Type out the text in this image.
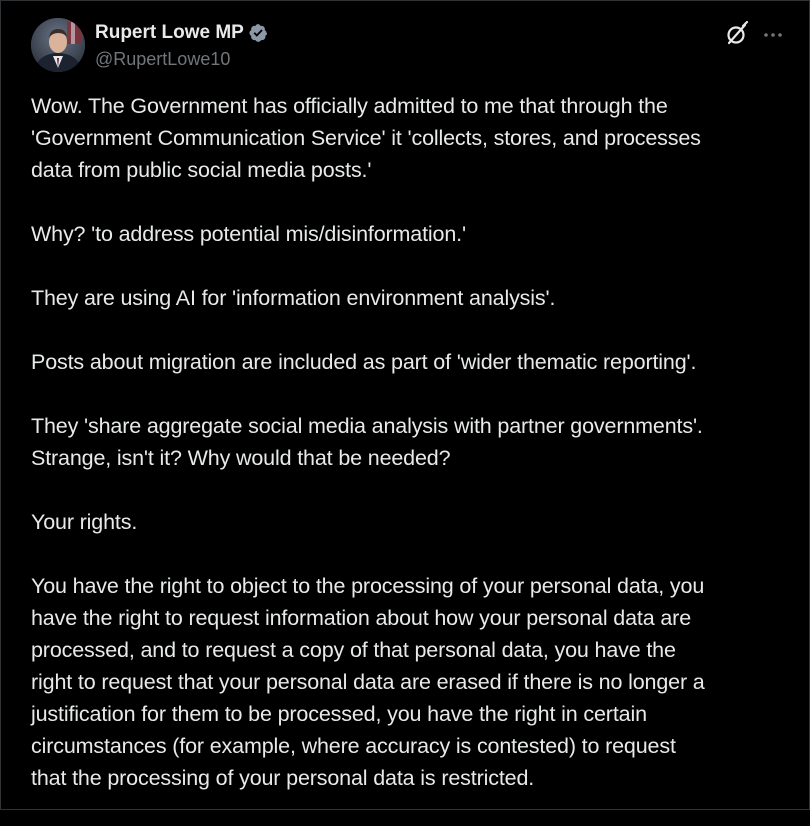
Rupert Lowe MP
@RupertLowe10

Wow. The Government has officially admitted to me that through the
'Government Communication Service' it 'collects, stores, and processes
data from public social media posts.'

Why? 'to address potential mis/disinformation.'

They are using AI for 'information environment analysis'.

Posts about migration are included as part of 'wider thematic reporting'.

They 'share aggregate social media analysis with partner governments'.
Strange, isn't it? Why would that be needed?

Your rights.

You have the right to object to the processing of your personal data, you
have the right to request information about how your personal data are
processed, and to request a copy of that personal data, you have the
right to request that your personal data are erased if there is no longer a
justification for them to be processed, you have the right in certain
circumstances (for example, where accuracy is contested) to request
that the processing of your personal data is restricted.
